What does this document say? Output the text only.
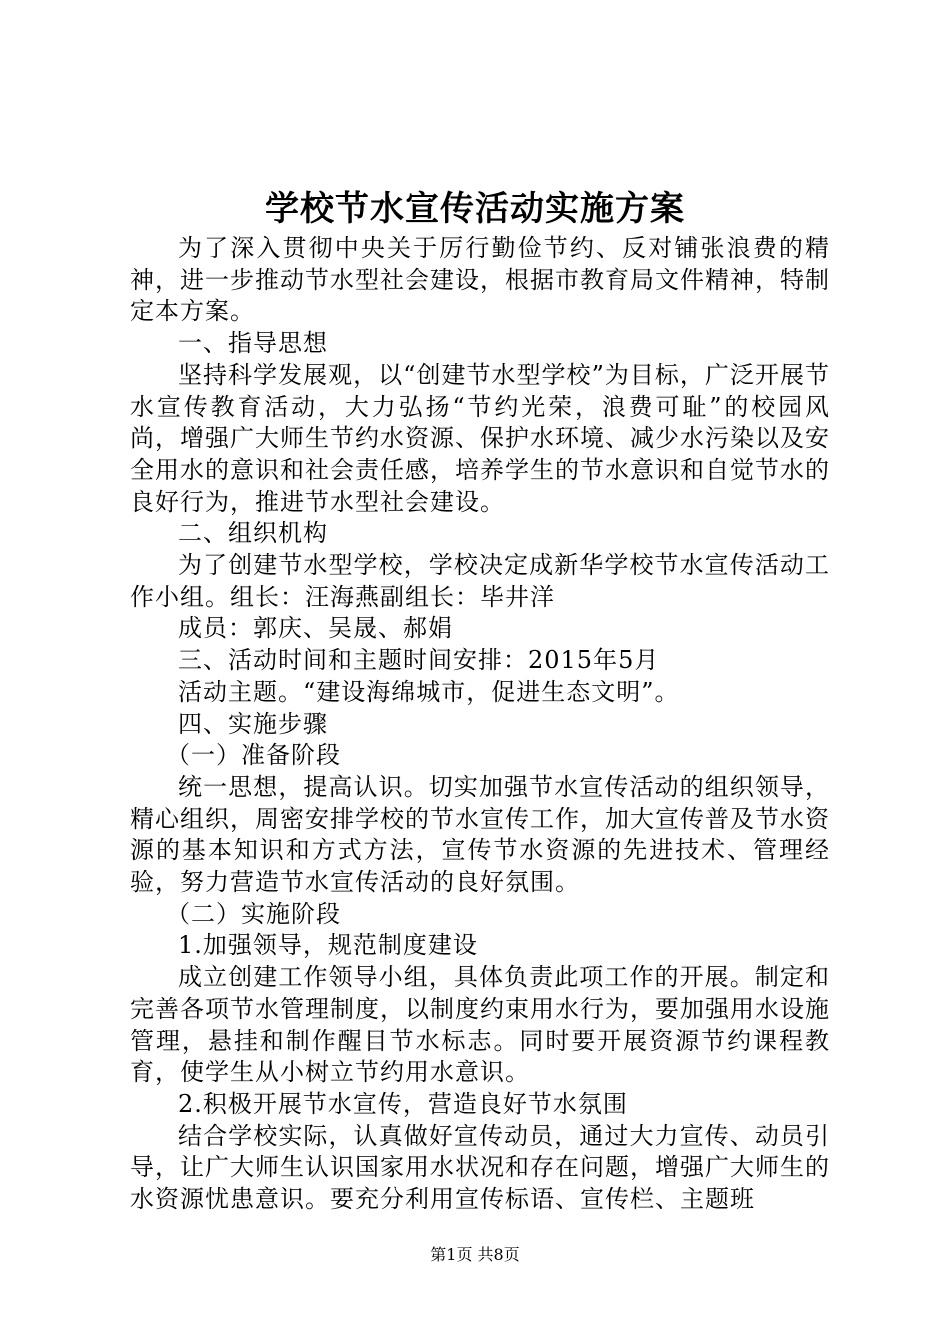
学校节水宣传活动实施方案

为了深入贯彻中央关于厉行勤俭节约、反对铺张浪费的精神，进一步推动节水型社会建设，根据市教育局文件精神，特制定本方案。

一、指导思想

坚持科学发展观，以“创建节水型学校”为目标，广泛开展节水宣传教育活动，大力弘扬“节约光荣，浪费可耻”的校园风尚，增强广大师生节约水资源、保护水环境、减少水污染以及安全用水的意识和社会责任感，培养学生的节水意识和自觉节水的良好行为，推进节水型社会建设。

二、组织机构

为了创建节水型学校，学校决定成新华学校节水宣传活动工作小组。组长：汪海燕副组长：毕井洋

成员：郭庆、吴晟、郝娟

三、活动时间和主题时间安排：2015年5月

活动主题。“建设海绵城市，促进生态文明”。

四、实施步骤

（一）准备阶段

统一思想，提高认识。切实加强节水宣传活动的组织领导，精心组织，周密安排学校的节水宣传工作，加大宣传普及节水资源的基本知识和方式方法，宣传节水资源的先进技术、管理经验，努力营造节水宣传活动的良好氛围。

（二）实施阶段

1.加强领导，规范制度建设

成立创建工作领导小组，具体负责此项工作的开展。制定和完善各项节水管理制度，以制度约束用水行为，要加强用水设施管理，悬挂和制作醒目节水标志。同时要开展资源节约课程教育，使学生从小树立节约用水意识。

2.积极开展节水宣传，营造良好节水氛围

结合学校实际，认真做好宣传动员，通过大力宣传、动员引导，让广大师生认识国家用水状况和存在问题，增强广大师生的水资源忧患意识。要充分利用宣传标语、宣传栏、主题班

第1页 共8页
